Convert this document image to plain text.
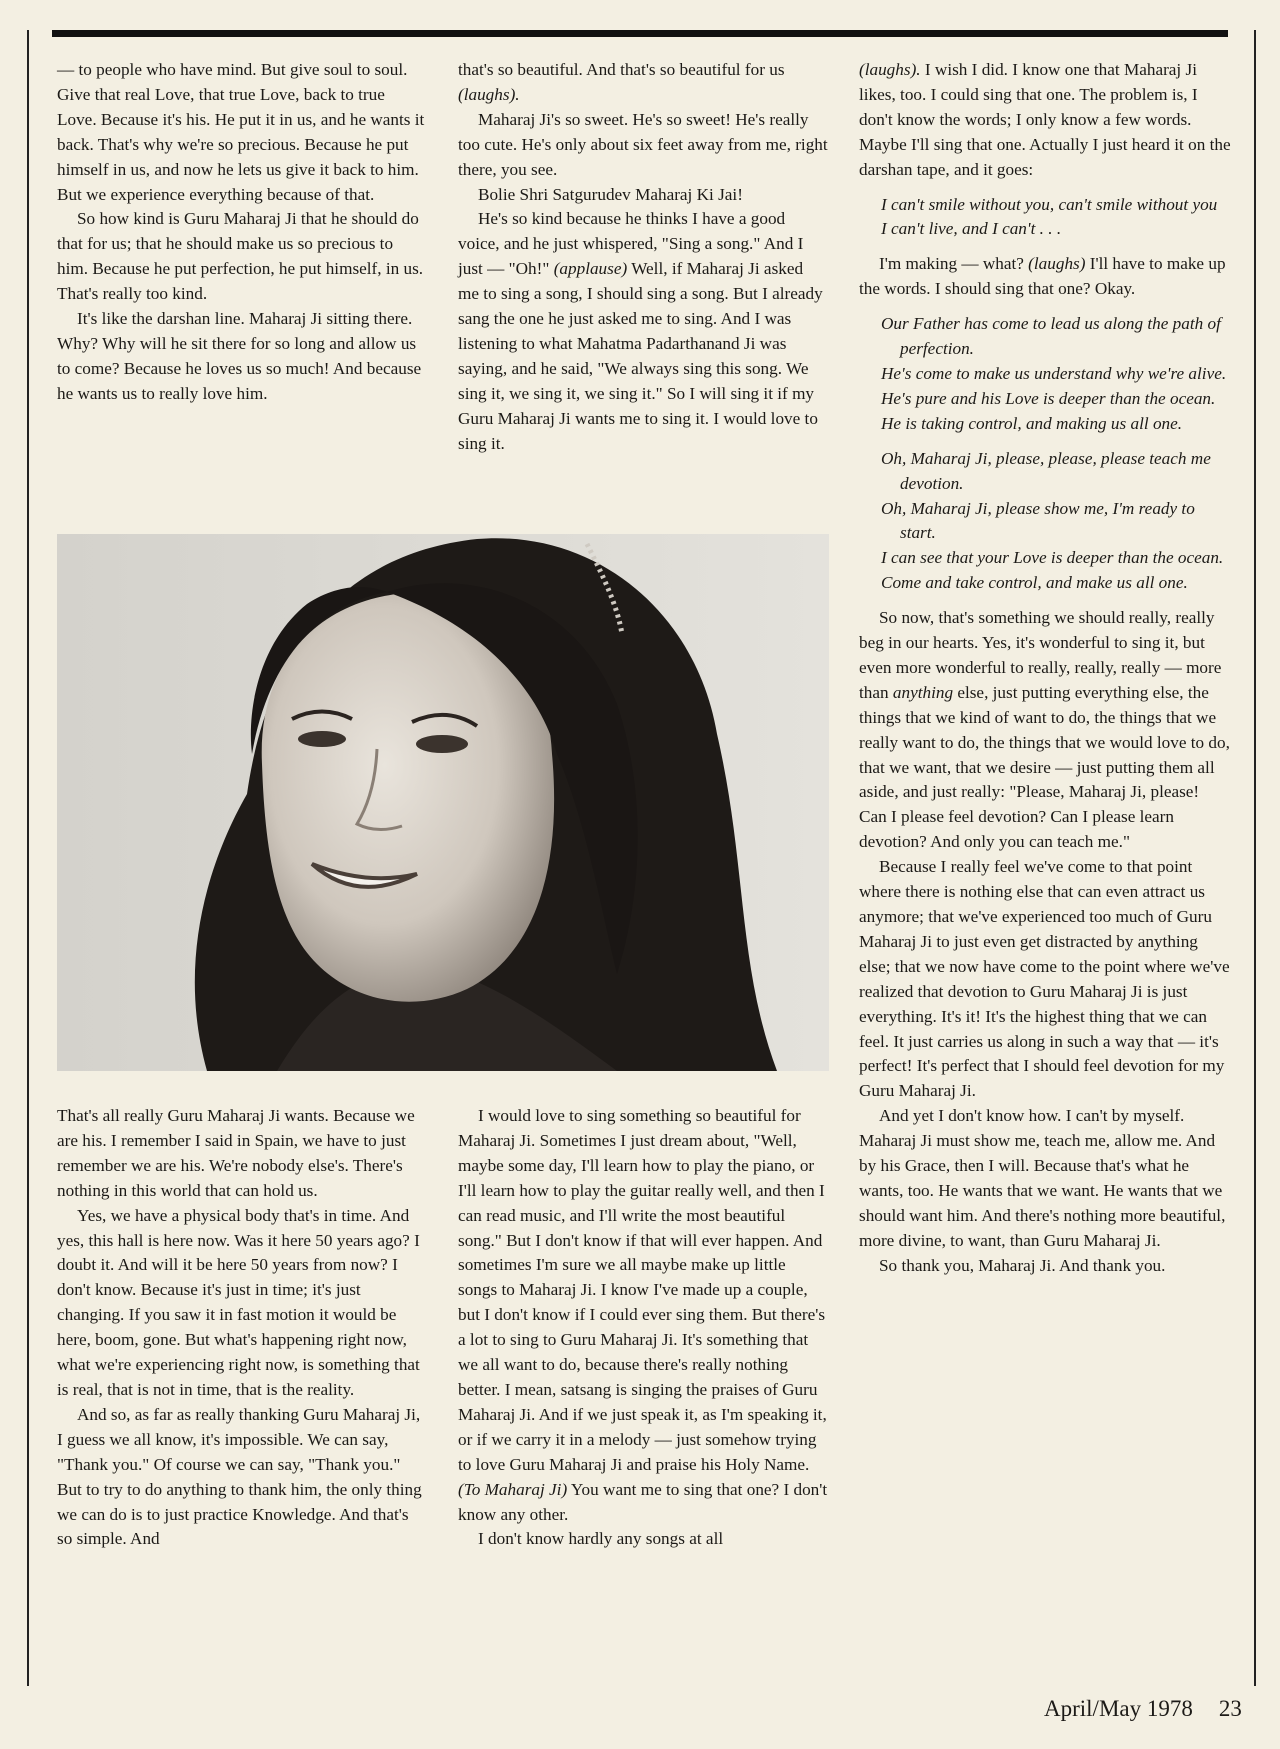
— to people who have mind. But give soul to soul. Give that real Love, that true Love, back to true Love. Because it's his. He put it in us, and he wants it back. That's why we're so precious. Because he put himself in us, and now he lets us give it back to him. But we experience everything because of that.

So how kind is Guru Maharaj Ji that he should do that for us; that he should make us so precious to him. Because he put perfection, he put himself, in us. That's really too kind.

It's like the darshan line. Maharaj Ji sitting there. Why? Why will he sit there for so long and allow us to come? Because he loves us so much! And because he wants us to really love him.

that's so beautiful. And that's so beautiful for us (laughs).

Maharaj Ji's so sweet. He's so sweet! He's really too cute. He's only about six feet away from me, right there, you see.

Bolie Shri Satgurudev Maharaj Ki Jai!

He's so kind because he thinks I have a good voice, and he just whispered, "Sing a song." And I just — "Oh!" (applause) Well, if Maharaj Ji asked me to sing a song, I should sing a song. But I already sang the one he just asked me to sing. And I was listening to what Mahatma Padarthanand Ji was saying, and he said, "We always sing this song. We sing it, we sing it, we sing it." So I will sing it if my Guru Maharaj Ji wants me to sing it. I would love to sing it.

That's all really Guru Maharaj Ji wants. Because we are his. I remember I said in Spain, we have to just remember we are his. We're nobody else's. There's nothing in this world that can hold us.

Yes, we have a physical body that's in time. And yes, this hall is here now. Was it here 50 years ago? I doubt it. And will it be here 50 years from now? I don't know. Because it's just in time; it's just changing. If you saw it in fast motion it would be here, boom, gone. But what's happening right now, what we're experiencing right now, is something that is real, that is not in time, that is the reality.

And so, as far as really thanking Guru Maharaj Ji, I guess we all know, it's impossible. We can say, "Thank you." Of course we can say, "Thank you." But to try to do anything to thank him, the only thing we can do is to just practice Knowledge. And that's so simple. And

I would love to sing something so beautiful for Maharaj Ji. Sometimes I just dream about, "Well, maybe some day, I'll learn how to play the piano, or I'll learn how to play the guitar really well, and then I can read music, and I'll write the most beautiful song." But I don't know if that will ever happen. And sometimes I'm sure we all maybe make up little songs to Maharaj Ji. I know I've made up a couple, but I don't know if I could ever sing them. But there's a lot to sing to Guru Maharaj Ji. It's something that we all want to do, because there's really nothing better. I mean, satsang is singing the praises of Guru Maharaj Ji. And if we just speak it, as I'm speaking it, or if we carry it in a melody — just somehow trying to love Guru Maharaj Ji and praise his Holy Name. (To Maharaj Ji) You want me to sing that one? I don't know any other.

I don't know hardly any songs at all

(laughs). I wish I did. I know one that Maharaj Ji likes, too. I could sing that one. The problem is, I don't know the words; I only know a few words. Maybe I'll sing that one. Actually I just heard it on the darshan tape, and it goes:

I can't smile without you, can't smile without you
I can't live, and I can't . . .

I'm making — what? (laughs) I'll have to make up the words. I should sing that one? Okay.

Our Father has come to lead us along the path of perfection.
He's come to make us understand why we're alive.
He's pure and his Love is deeper than the ocean.
He is taking control, and making us all one.
Oh, Maharaj Ji, please, please, please teach me devotion.
Oh, Maharaj Ji, please show me, I'm ready to start.
I can see that your Love is deeper than the ocean.
Come and take control, and make us all one.

So now, that's something we should really, really beg in our hearts. Yes, it's wonderful to sing it, but even more wonderful to really, really, really — more than anything else, just putting everything else, the things that we kind of want to do, the things that we really want to do, the things that we would love to do, that we want, that we desire — just putting them all aside, and just really: "Please, Maharaj Ji, please! Can I please feel devotion? Can I please learn devotion? And only you can teach me."

Because I really feel we've come to that point where there is nothing else that can even attract us anymore; that we've experienced too much of Guru Maharaj Ji to just even get distracted by anything else; that we now have come to the point where we've realized that devotion to Guru Maharaj Ji is just everything. It's it! It's the highest thing that we can feel. It just carries us along in such a way that — it's perfect! It's perfect that I should feel devotion for my Guru Maharaj Ji.

And yet I don't know how. I can't by myself. Maharaj Ji must show me, teach me, allow me. And by his Grace, then I will. Because that's what he wants, too. He wants that we want. He wants that we should want him. And there's nothing more beautiful, more divine, to want, than Guru Maharaj Ji.

So thank you, Maharaj Ji. And thank you.

April/May 1978 23
